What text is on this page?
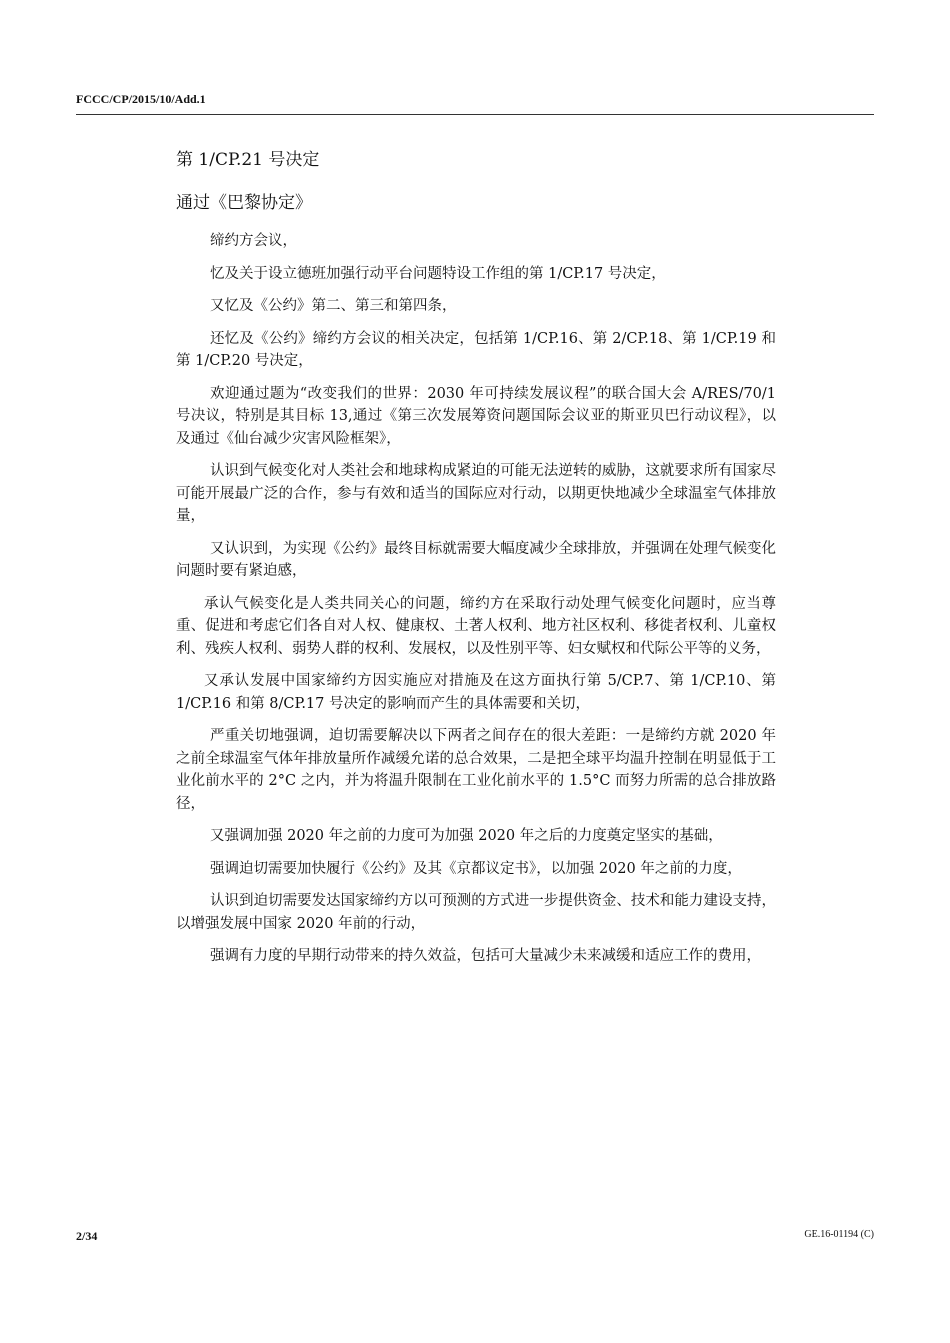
FCCC/CP/2015/10/Add.1
第 1/CP.21 号决定
通过《巴黎协定》

缔约方会议，

忆及关于设立德班加强行动平台问题特设工作组的第 1/CP.17 号决定，

又忆及《公约》第二、第三和第四条，

还忆及《公约》缔约方会议的相关决定，包括第 1/CP.16、第 2/CP.18、第 1/CP.19 和第 1/CP.20 号决定，

欢迎通过题为“改变我们的世界：2030 年可持续发展议程”的联合国大会 A/RES/70/1 号决议，特别是其目标 13,通过《第三次发展筹资问题国际会议亚的斯亚贝巴行动议程》，以及通过《仙台减少灾害风险框架》，

认识到气候变化对人类社会和地球构成紧迫的可能无法逆转的威胁，这就要求所有国家尽可能开展最广泛的合作，参与有效和适当的国际应对行动，以期更快地减少全球温室气体排放量，

又认识到，为实现《公约》最终目标就需要大幅度减少全球排放，并强调在处理气候变化问题时要有紧迫感，

承认气候变化是人类共同关心的问题，缔约方在采取行动处理气候变化问题时，应当尊重、促进和考虑它们各自对人权、健康权、土著人权利、地方社区权利、移徙者权利、儿童权利、残疾人权利、弱势人群的权利、发展权，以及性别平等、妇女赋权和代际公平等的义务，

又承认发展中国家缔约方因实施应对措施及在这方面执行第 5/CP.7、第 1/CP.10、第 1/CP.16 和第 8/CP.17 号决定的影响而产生的具体需要和关切，

严重关切地强调，迫切需要解决以下两者之间存在的很大差距：一是缔约方就 2020 年之前全球温室气体年排放量所作减缓允诺的总合效果，二是把全球平均温升控制在明显低于工业化前水平的 2°C 之内，并为将温升限制在工业化前水平的 1.5°C 而努力所需的总合排放路径，

又强调加强 2020 年之前的力度可为加强 2020 年之后的力度奠定坚实的基础，

强调迫切需要加快履行《公约》及其《京都议定书》，以加强 2020 年之前的力度，

认识到迫切需要发达国家缔约方以可预测的方式进一步提供资金、技术和能力建设支持，以增强发展中国家 2020 年前的行动，

强调有力度的早期行动带来的持久效益，包括可大量减少未来减缓和适应工作的费用，

2/34	GE.16-01194 (C)
